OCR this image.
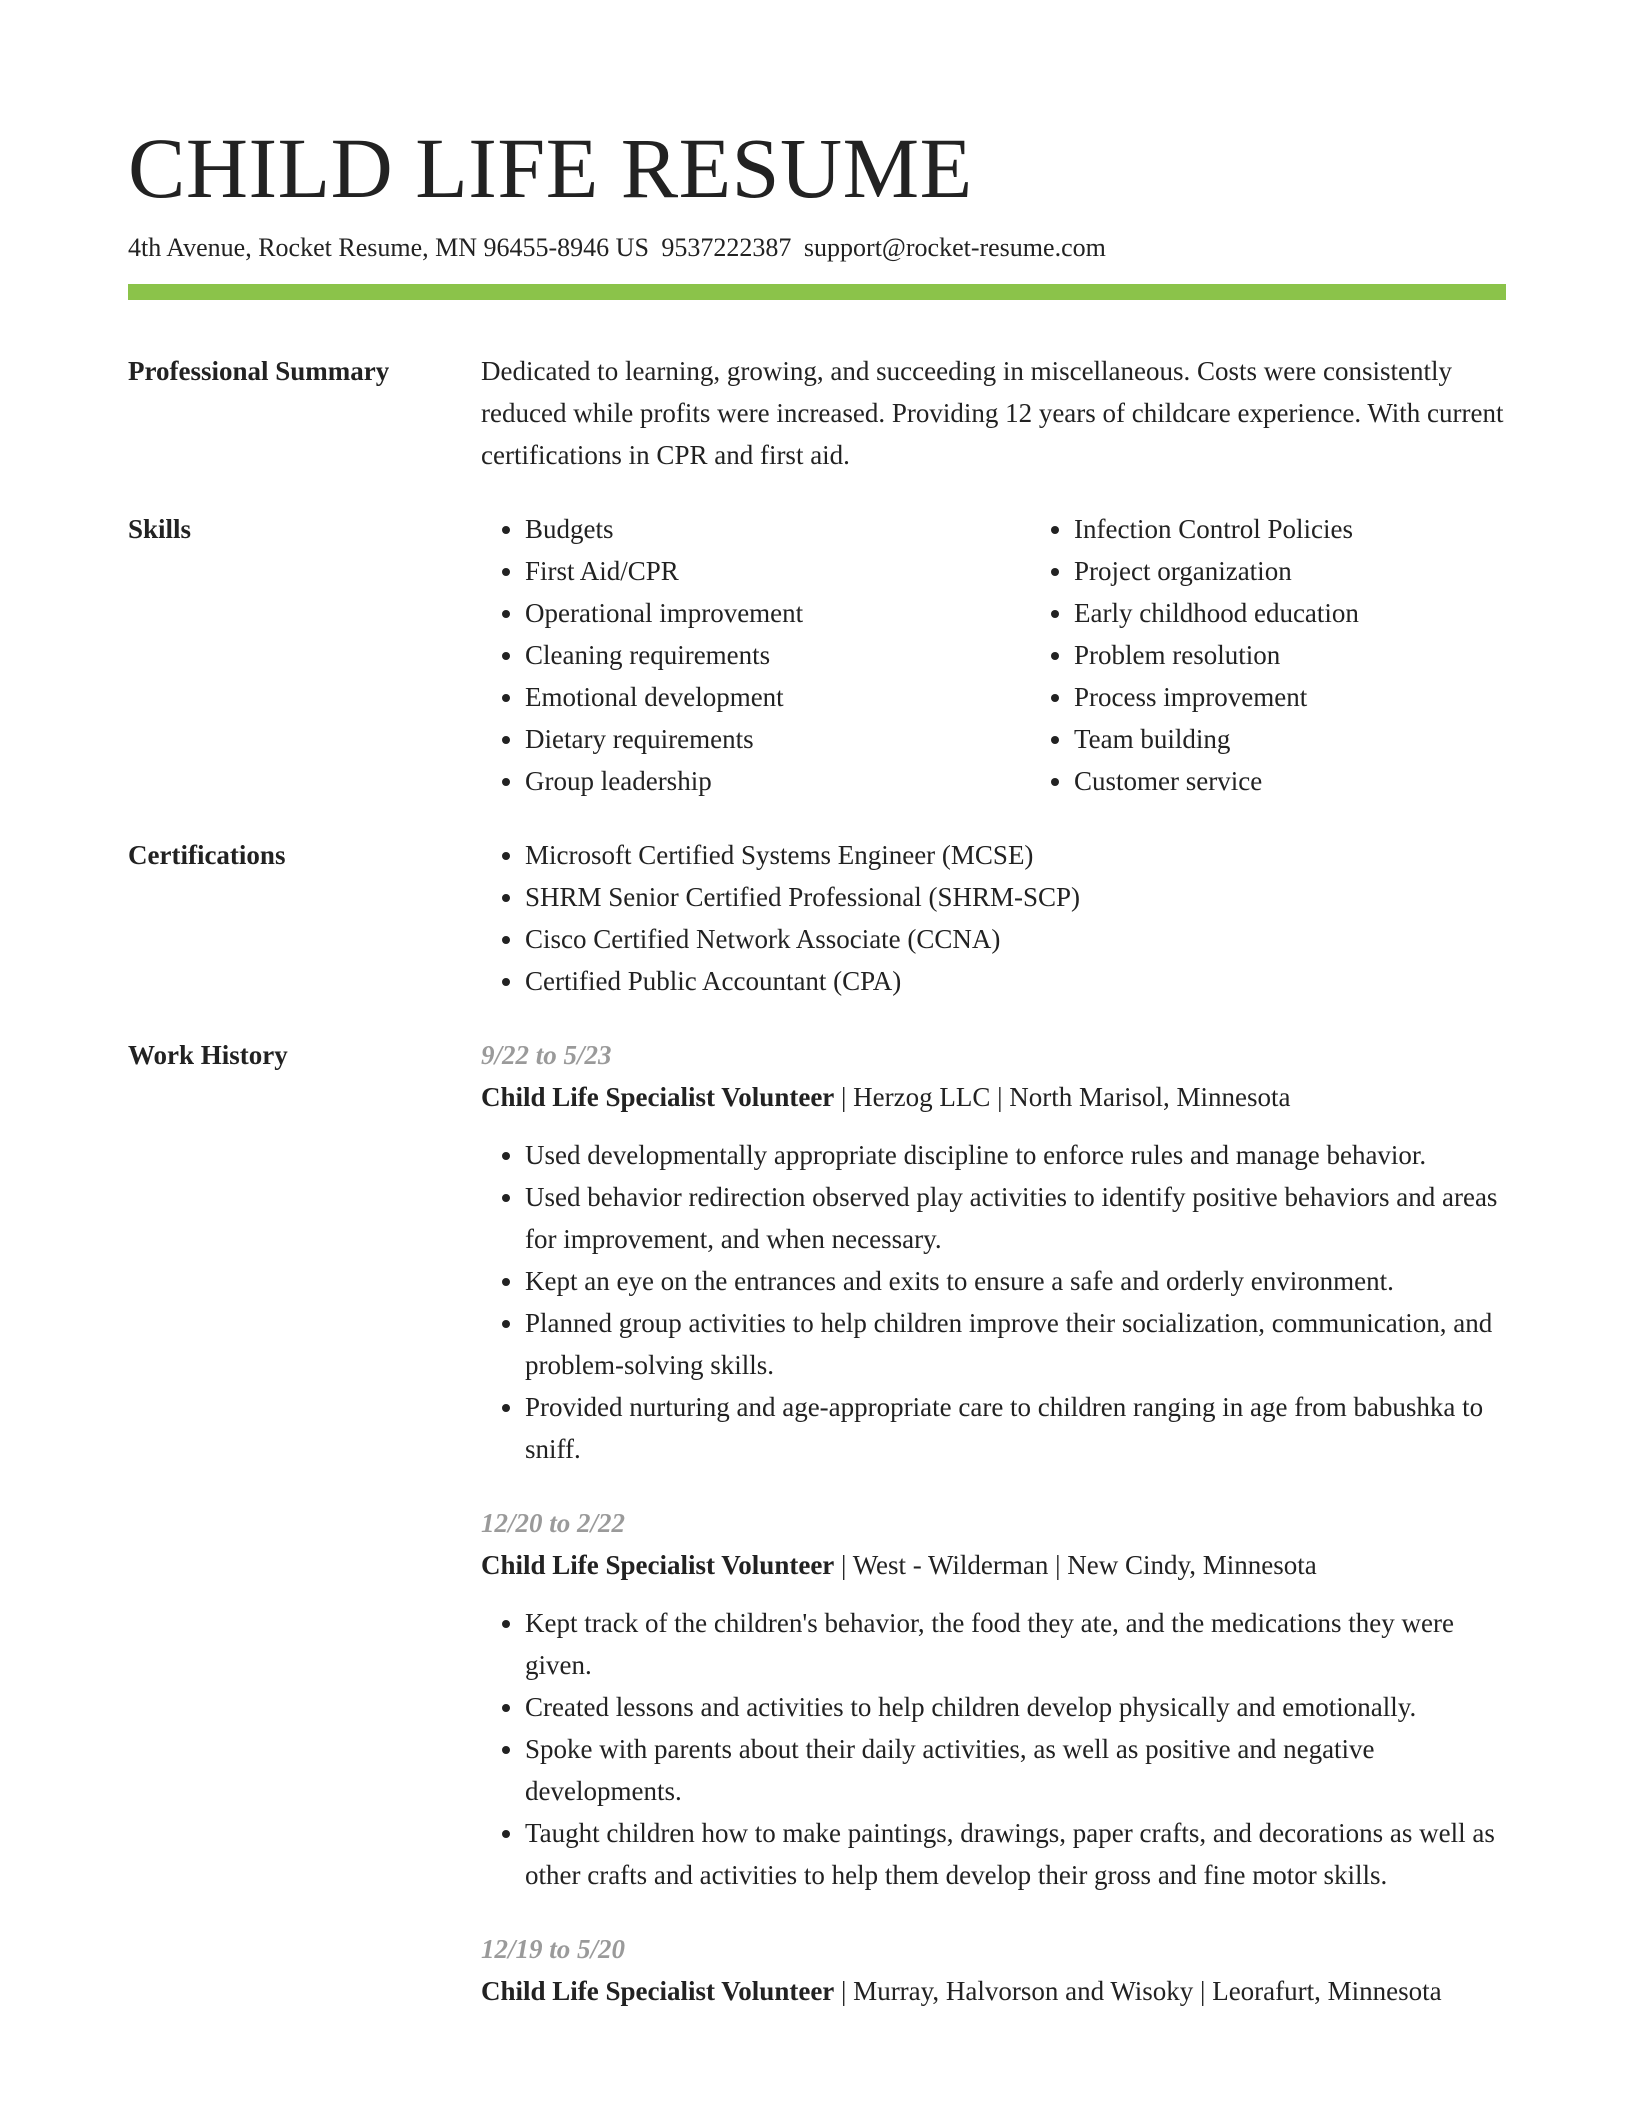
CHILD LIFE RESUME
4th Avenue, Rocket Resume, MN 96455-8946 US 9537222387 support@rocket-resume.com
Professional Summary	Dedicated to learning, growing, and succeeding in miscellaneous. Costs were consistently reduced while profits were increased. Providing 12 years of childcare experience. With current certifications in CPR and first aid.

Skills	• Budgets
• First Aid/CPR
• Operational improvement
• Cleaning requirements
• Emotional development
• Dietary requirements
• Group leadership
• Infection Control Policies
• Project organization
• Early childhood education
• Problem resolution
• Process improvement
• Team building
• Customer service
Certifications	• Microsoft Certified Systems Engineer (MCSE)
• SHRM Senior Certified Professional (SHRM-SCP)
• Cisco Certified Network Associate (CCNA)
• Certified Public Accountant (CPA)
Work History	9/22 to 5/23
Child Life Specialist Volunteer | Herzog LLC | North Marisol, Minnesota
• Used developmentally appropriate discipline to enforce rules and manage behavior.
• Used behavior redirection observed play activities to identify positive behaviors and areas for improvement, and when necessary.
• Kept an eye on the entrances and exits to ensure a safe and orderly environment.
• Planned group activities to help children improve their socialization, communication, and problem-solving skills.
• Provided nurturing and age-appropriate care to children ranging in age from babushka to sniff.
12/20 to 2/22
Child Life Specialist Volunteer | West - Wilderman | New Cindy, Minnesota
• Kept track of the children's behavior, the food they ate, and the medications they were given.
• Created lessons and activities to help children develop physically and emotionally.
• Spoke with parents about their daily activities, as well as positive and negative developments.
• Taught children how to make paintings, drawings, paper crafts, and decorations as well as other crafts and activities to help them develop their gross and fine motor skills.
12/19 to 5/20
Child Life Specialist Volunteer | Murray, Halvorson and Wisoky | Leorafurt, Minnesota
